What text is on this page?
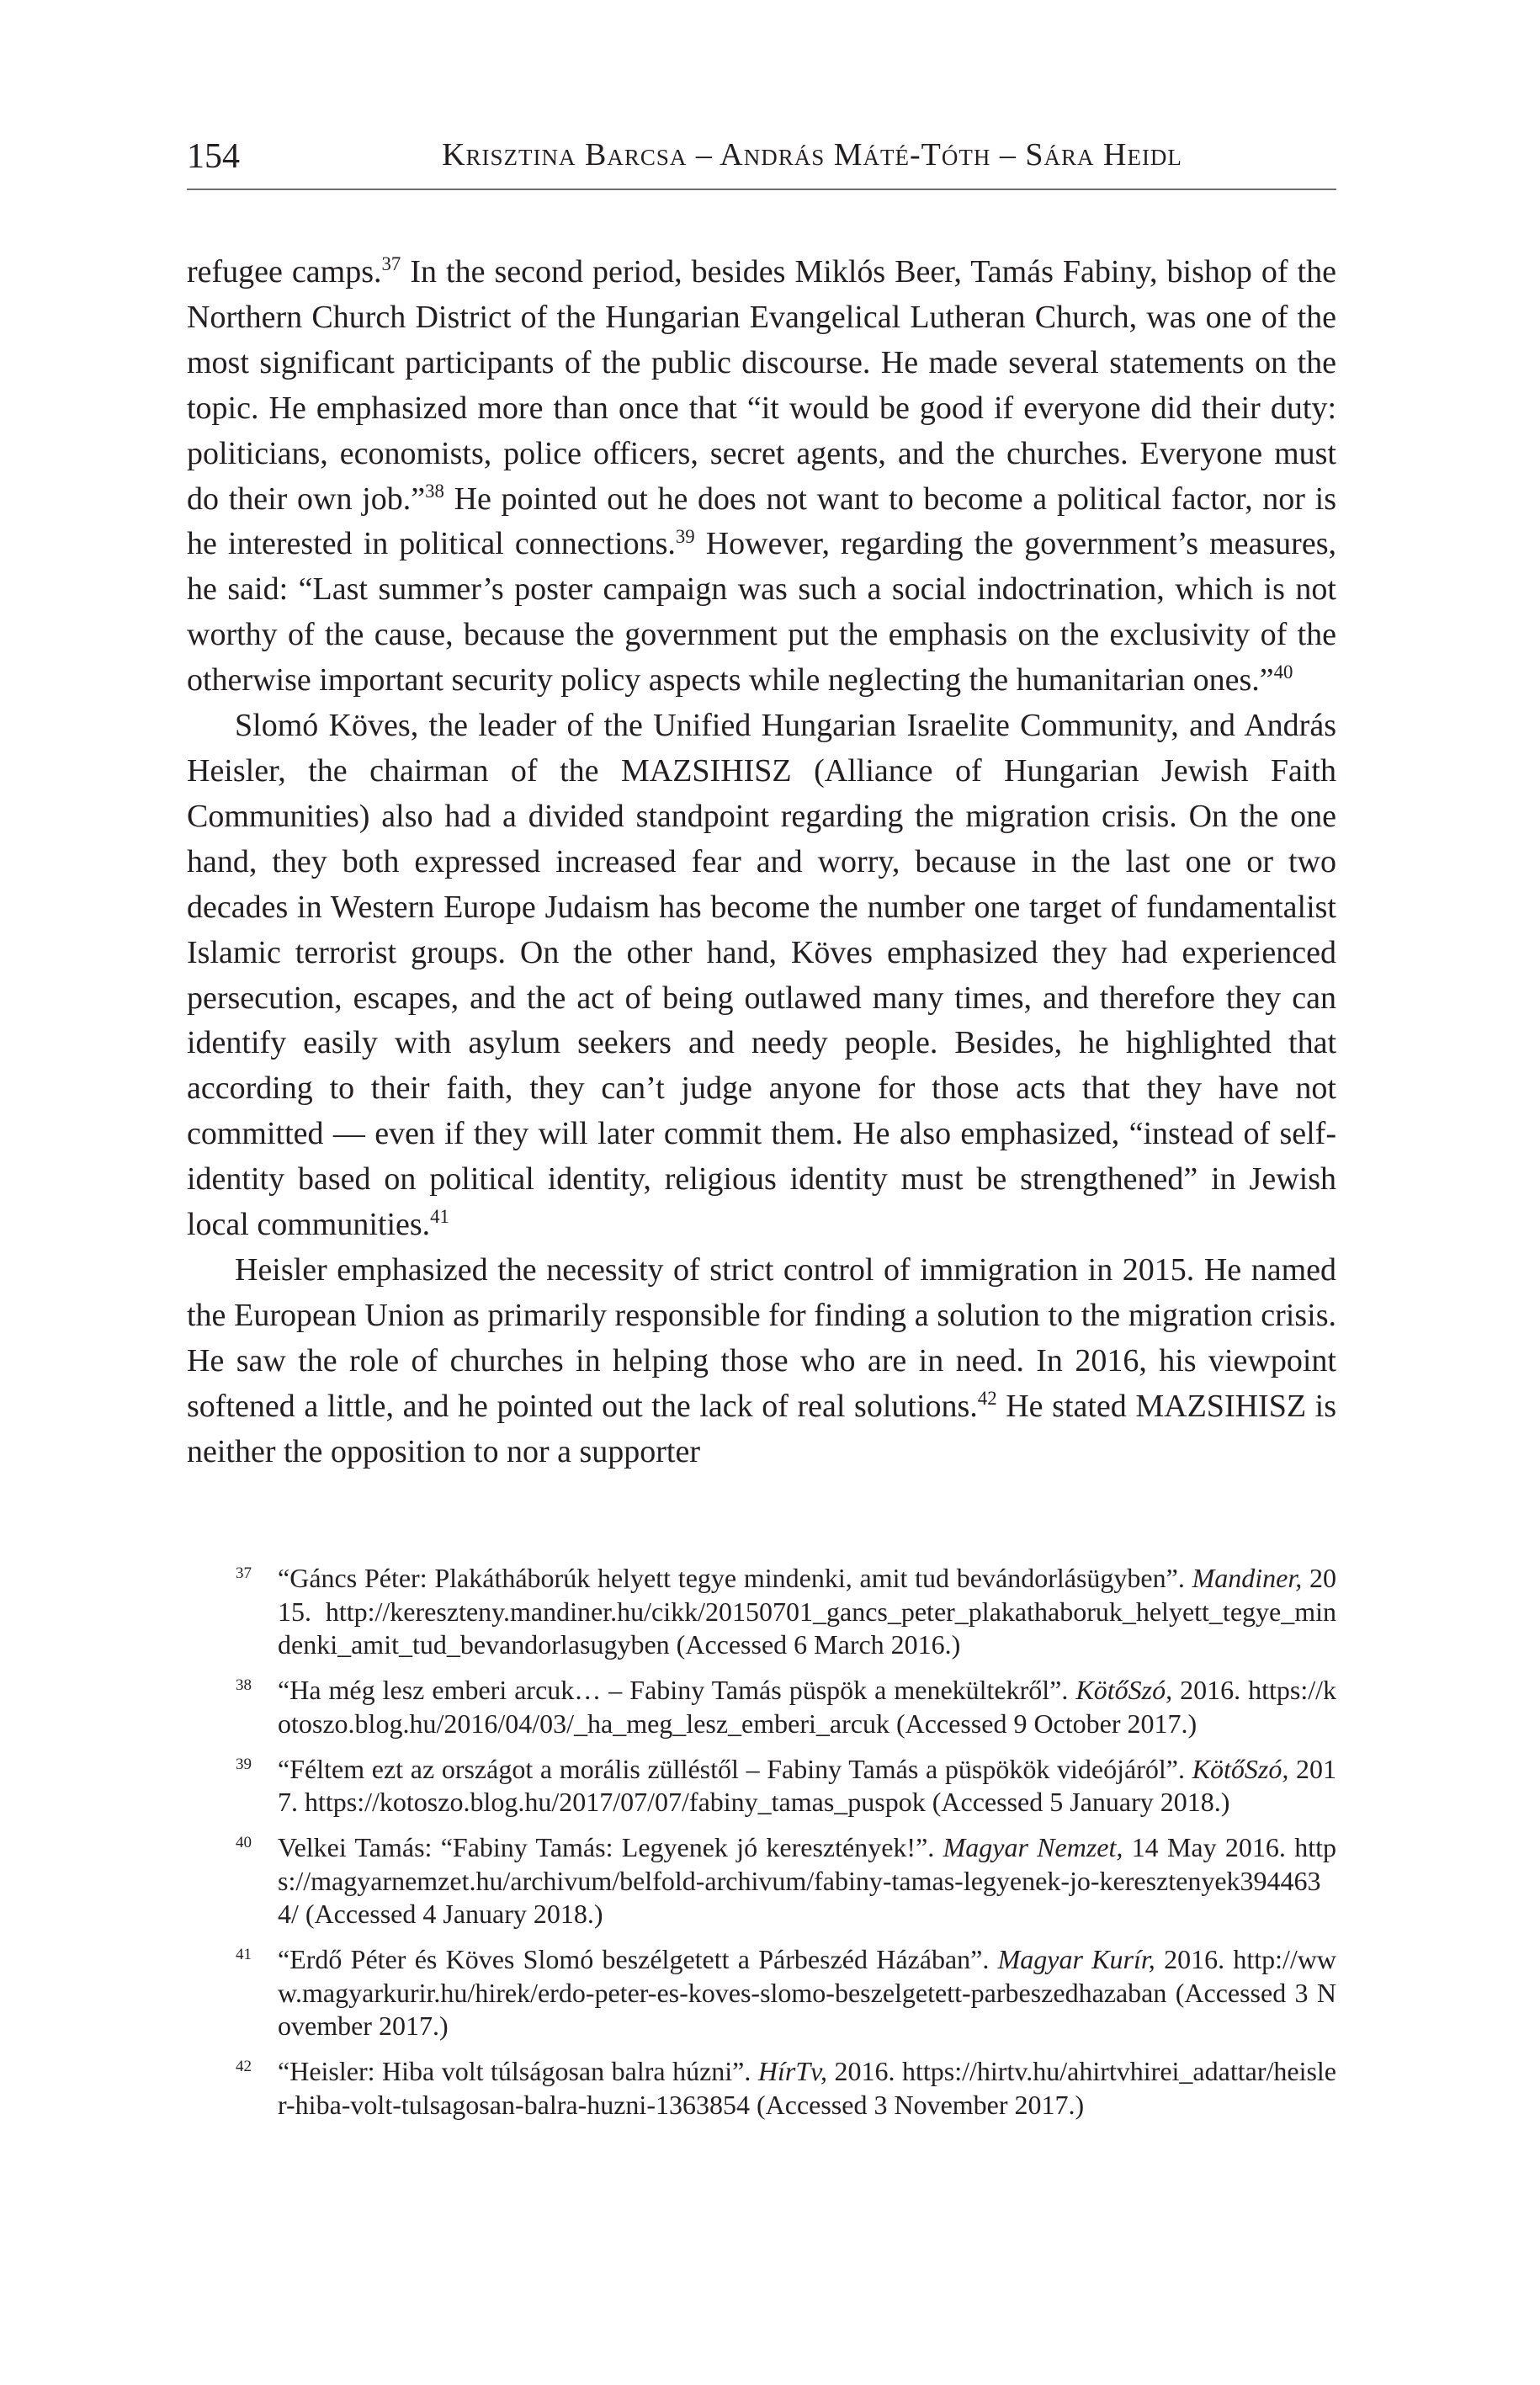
154	Krisztina Barcsa – András Máté-Tóth – Sára Heidl

refugee camps.$^{37}$ In the second period, besides Miklós Beer, Tamás Fabiny, bishop of the Northern Church District of the Hungarian Evangelical Lutheran Church, was one of the most significant participants of the public discourse. He made several statements on the topic. He emphasized more than once that “it would be good if everyone did their duty: politicians, economists, police officers, secret agents, and the churches. Everyone must do their own job.”$^{38}$ He pointed out he does not want to become a political factor, nor is he interested in political connections.$^{39}$ However, regarding the government’s measures, he said: “Last summer’s poster campaign was such a social indoctrination, which is not worthy of the cause, because the government put the emphasis on the exclusivity of the otherwise important security policy aspects while neglecting the humanitarian ones.”$^{40}$

Slomó Köves, the leader of the Unified Hungarian Israelite Community, and András Heisler, the chairman of the MAZSIHISZ (Alliance of Hungarian Jewish Faith Communities) also had a divided standpoint regarding the migration crisis. On the one hand, they both expressed increased fear and worry, because in the last one or two decades in Western Europe Judaism has become the number one target of fundamentalist Islamic terrorist groups. On the other hand, Köves emphasized they had experienced persecution, escapes, and the act of being outlawed many times, and therefore they can identify easily with asylum seekers and needy people. Besides, he highlighted that according to their faith, they can’t judge anyone for those acts that they have not committed — even if they will later commit them. He also emphasized, “instead of self-identity based on political identity, religious identity must be strengthened” in Jewish local communities.$^{41}$

Heisler emphasized the necessity of strict control of immigration in 2015. He named the European Union as primarily responsible for finding a solution to the migration crisis. He saw the role of churches in helping those who are in need. In 2016, his viewpoint softened a little, and he pointed out the lack of real solutions.$^{42}$ He stated MAZSIHISZ is neither the opposition to nor a supporter

37 “Gáncs Péter: Plakátháborúk helyett tegye mindenki, amit tud bevándorlásügyben”. Mandiner, 2015. http://kereszteny.mandiner.hu/cikk/20150701_gancs_peter_plakathaboruk_helyett_tegye_mindenki_amit_tud_bevandorlasugyben (Accessed 6 March 2016.)
38 “Ha még lesz emberi arcuk… – Fabiny Tamás püspök a menekültekről”. KötőSzó, 2016. https://kotoszo.blog.hu/2016/04/03/_ha_meg_lesz_emberi_arcuk (Accessed 9 October 2017.)
39 “Féltem ezt az országot a morális zülléstől – Fabiny Tamás a püspökök videójáról”. KötőSzó, 2017. https://kotoszo.blog.hu/2017/07/07/fabiny_tamas_puspok (Accessed 5 January 2018.)
40 Velkei Tamás: “Fabiny Tamás: Legyenek jó keresztények!”. Magyar Nemzet, 14 May 2016. https://magyarnemzet.hu/archivum/belfold-archivum/fabiny-tamas-legyenek-jo-keresztenyek3944634/ (Accessed 4 January 2018.)
41 “Erdő Péter és Köves Slomó beszélgetett a Párbeszéd Házában”. Magyar Kurír, 2016. http://www.magyarkurir.hu/hirek/erdo-peter-es-koves-slomo-beszelgetett-parbeszedhazaban (Accessed 3 November 2017.)
42 “Heisler: Hiba volt túlságosan balra húzni”. HírTv, 2016. https://hirtv.hu/ahirtvhirei_adattar/heisler-hiba-volt-tulsagosan-balra-huzni-1363854 (Accessed 3 November 2017.)
